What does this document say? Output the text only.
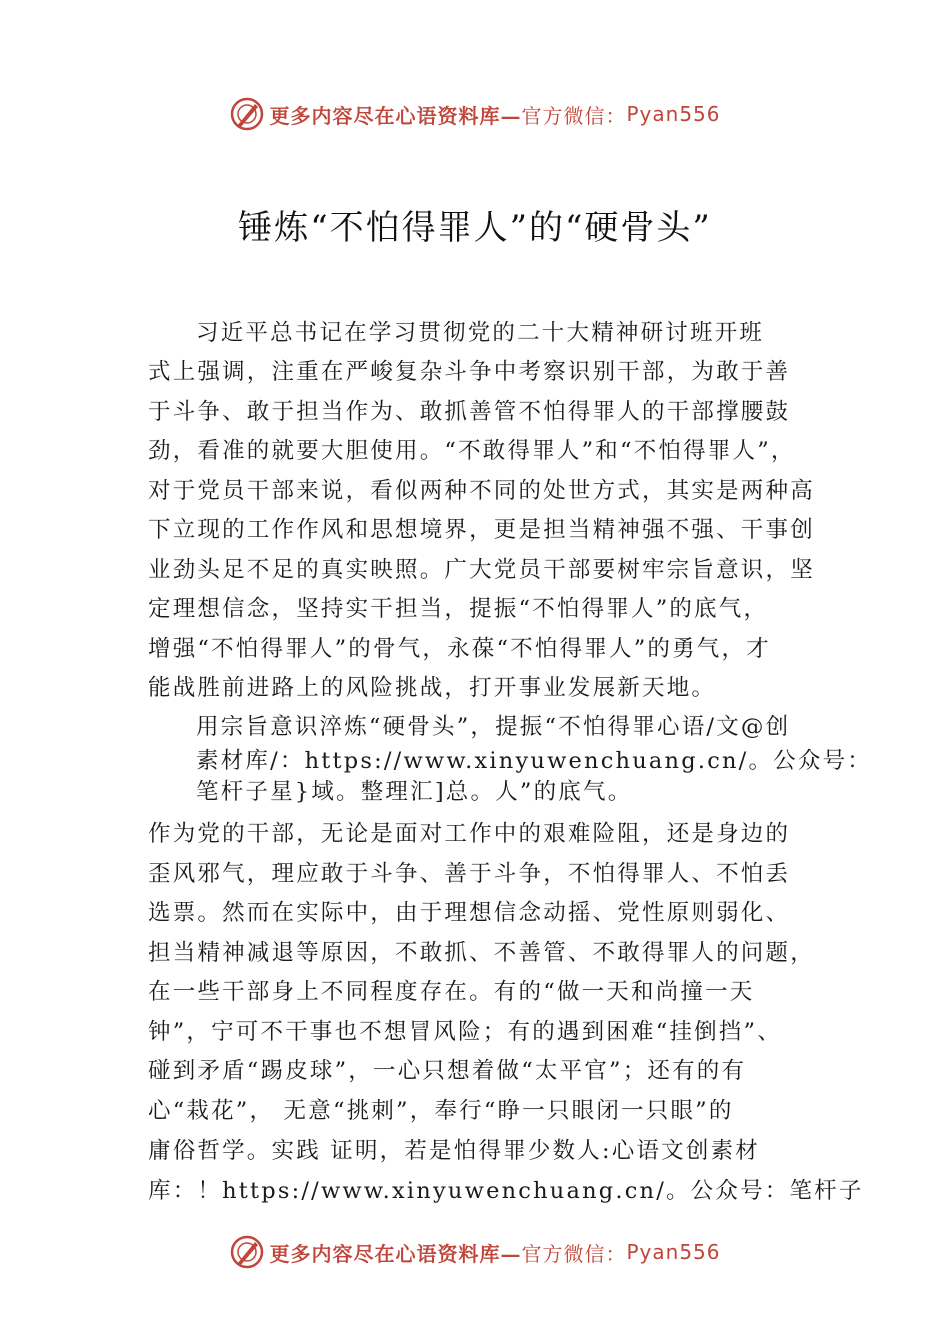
更多内容尽在心语资料库— 官方微信： Pyan556
锤炼“不怕得罪人”的“硬骨头”
习近平总书记在学习贯彻党的二十大精神研讨班开班
式上强调，注重在严峻复杂斗争中考察识别干部，为敢于善
于斗争、敢于担当作为、敢抓善管不怕得罪人的干部撑腰鼓
劲，看准的就要大胆使用。“不敢得罪人”和“不怕得罪人”，
对于党员干部来说，看似两种不同的处世方式，其实是两种高
下立现的工作作风和思想境界，更是担当精神强不强、干事创
业劲头足不足的真实映照。广大党员干部要树牢宗旨意识，坚
定理想信念，坚持实干担当，提振“不怕得罪人”的底气，
增强“不怕得罪人”的骨气，永葆“不怕得罪人”的勇气，才
能战胜前进路上的风险挑战，打开事业发展新天地。
用宗旨意识淬炼“硬骨头”，提振“不怕得罪心语/文@创
素材库/：https://www.xinyuwenchuang.cn/。公众号：
笔杆子星}域。整理汇]总。人”的底气。
作为党的干部，无论是面对工作中的艰难险阻，还是身边的
歪风邪气，理应敢于斗争、善于斗争，不怕得罪人、不怕丢
选票。然而在实际中，由于理想信念动摇、党性原则弱化、
担当精神减退等原因，不敢抓、不善管、不敢得罪人的问题，
在一些干部身上不同程度存在。有的“做一天和尚撞一天
钟”，宁可不干事也不想冒风险；有的遇到困难“挂倒挡”、
碰到矛盾“踢皮球”，一心只想着做“太平官”；还有的有
心“栽花”， 无意“挑刺”，奉行“睁一只眼闭一只眼”的
庸俗哲学。实践 证明，若是怕得罪少数人:心语文创素材
库：！https://www.xinyuwenchuang.cn/。公众号：笔杆子
更多内容尽在心语资料库— 官方微信： Pyan556
